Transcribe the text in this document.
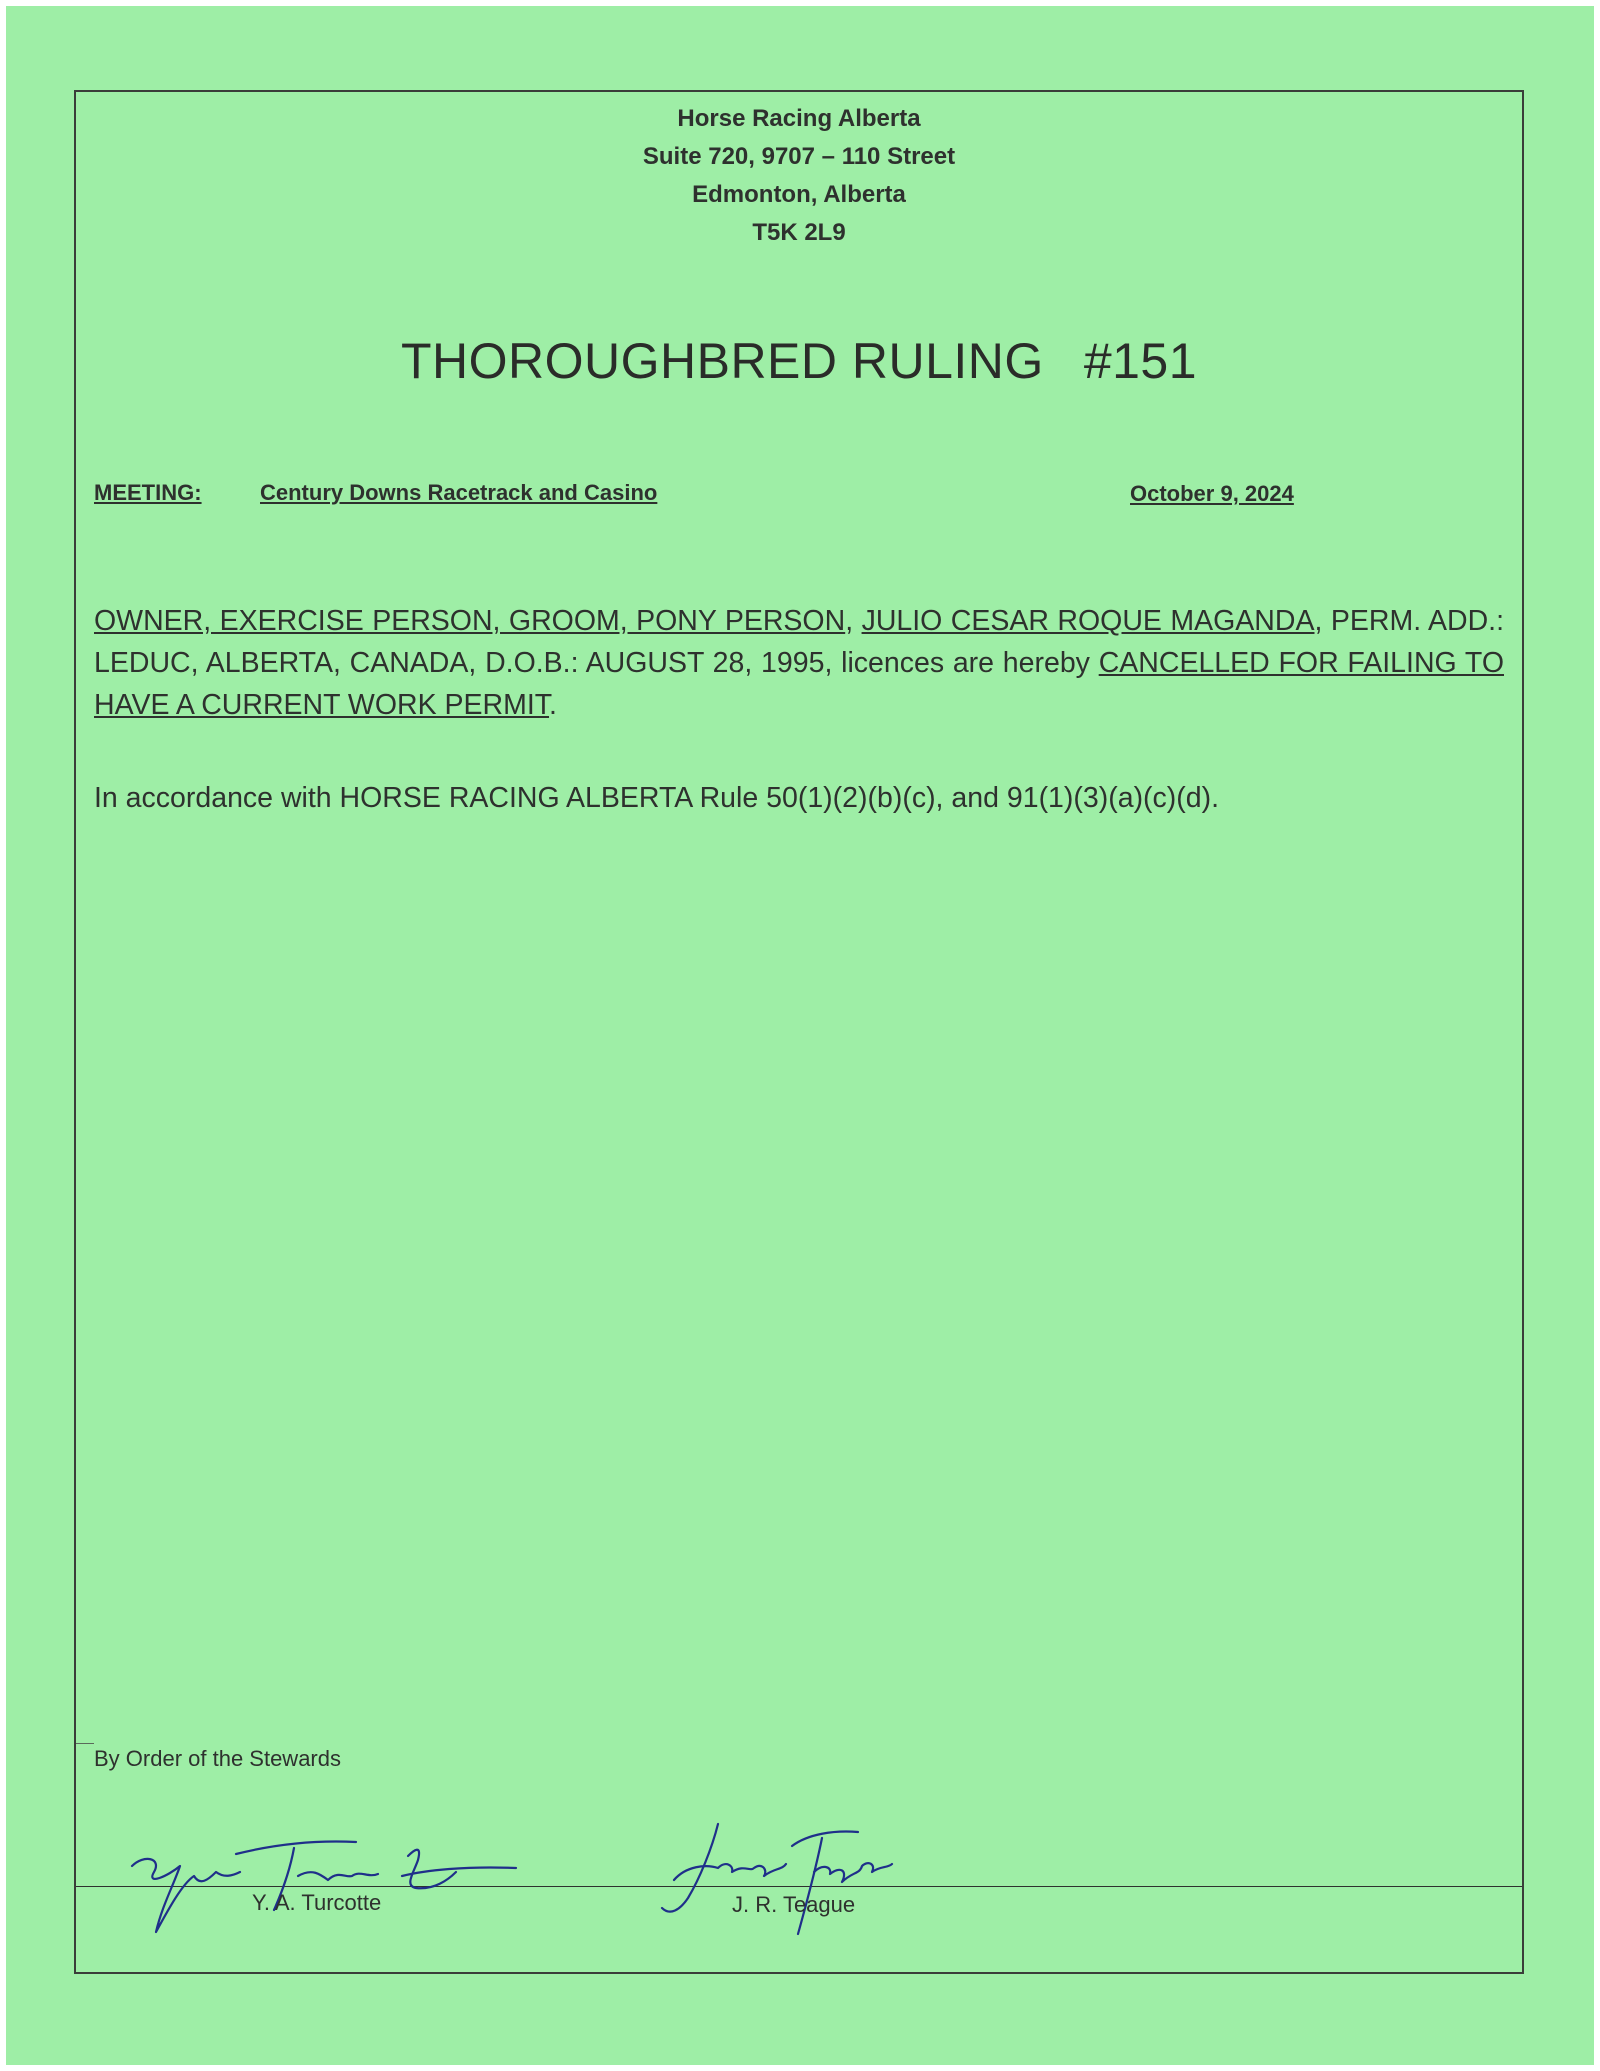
Horse Racing Alberta
Suite 720, 9707 – 110 Street
Edmonton, Alberta
T5K 2L9
THOROUGHBRED RULING #151
MEETING:	Century Downs Racetrack and Casino	October 9, 2024
OWNER, EXERCISE PERSON, GROOM, PONY PERSON, JULIO CESAR ROQUE MAGANDA, PERM. ADD.: LEDUC, ALBERTA, CANADA, D.O.B.: AUGUST 28, 1995, licences are hereby CANCELLED FOR FAILING TO HAVE A CURRENT WORK PERMIT.
In accordance with HORSE RACING ALBERTA Rule 50(1)(2)(b)(c), and 91(1)(3)(a)(c)(d).
By Order of the Stewards
Y. A. Turcotte	J. R. Teague
